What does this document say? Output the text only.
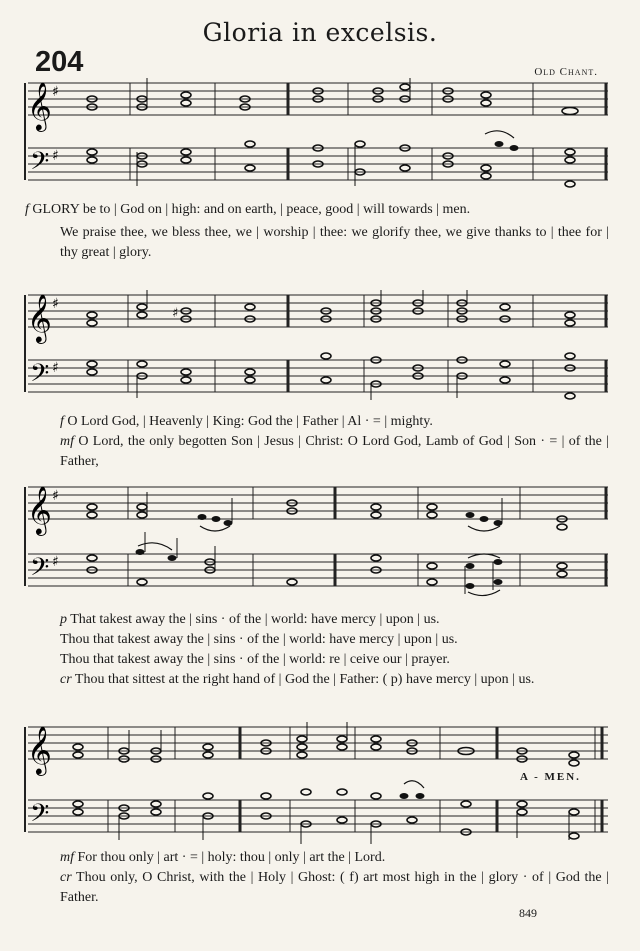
Gloria in excelsis.
204	Old Chant.
𝄞
𝄢
♯
♯
f GLORY be to | God on | high: and on earth, | peace, good | will towards | men.
We praise thee, we bless thee, we | worship | thee: we glorify thee, we give thanks to | thee for | thy great | glory.
𝄞
𝄢
♯
♯
♯
f O Lord God, | Heavenly | King: God the | Father | Al · = | mighty.
mf O Lord, the only begotten Son | Jesus | Christ: O Lord God, Lamb of God | Son · = | of the | Father,
𝄞
𝄢
♯
♯
p That takest away the | sins · of the | world: have mercy | upon | us.
Thou that takest away the | sins · of the | world: have mercy | upon | us.
Thou that takest away the | sins · of the | world: re | ceive our | prayer.
cr Thou that sittest at the right hand of | God the | Father: ( p) have mercy | upon | us.
𝄞
𝄢
A - MEN.
mf For thou only | art · = | holy: thou | only | art the | Lord.
cr Thou only, O Christ, with the | Holy | Ghost: ( f) art most high in the | glory · of | God the | Father.
849
